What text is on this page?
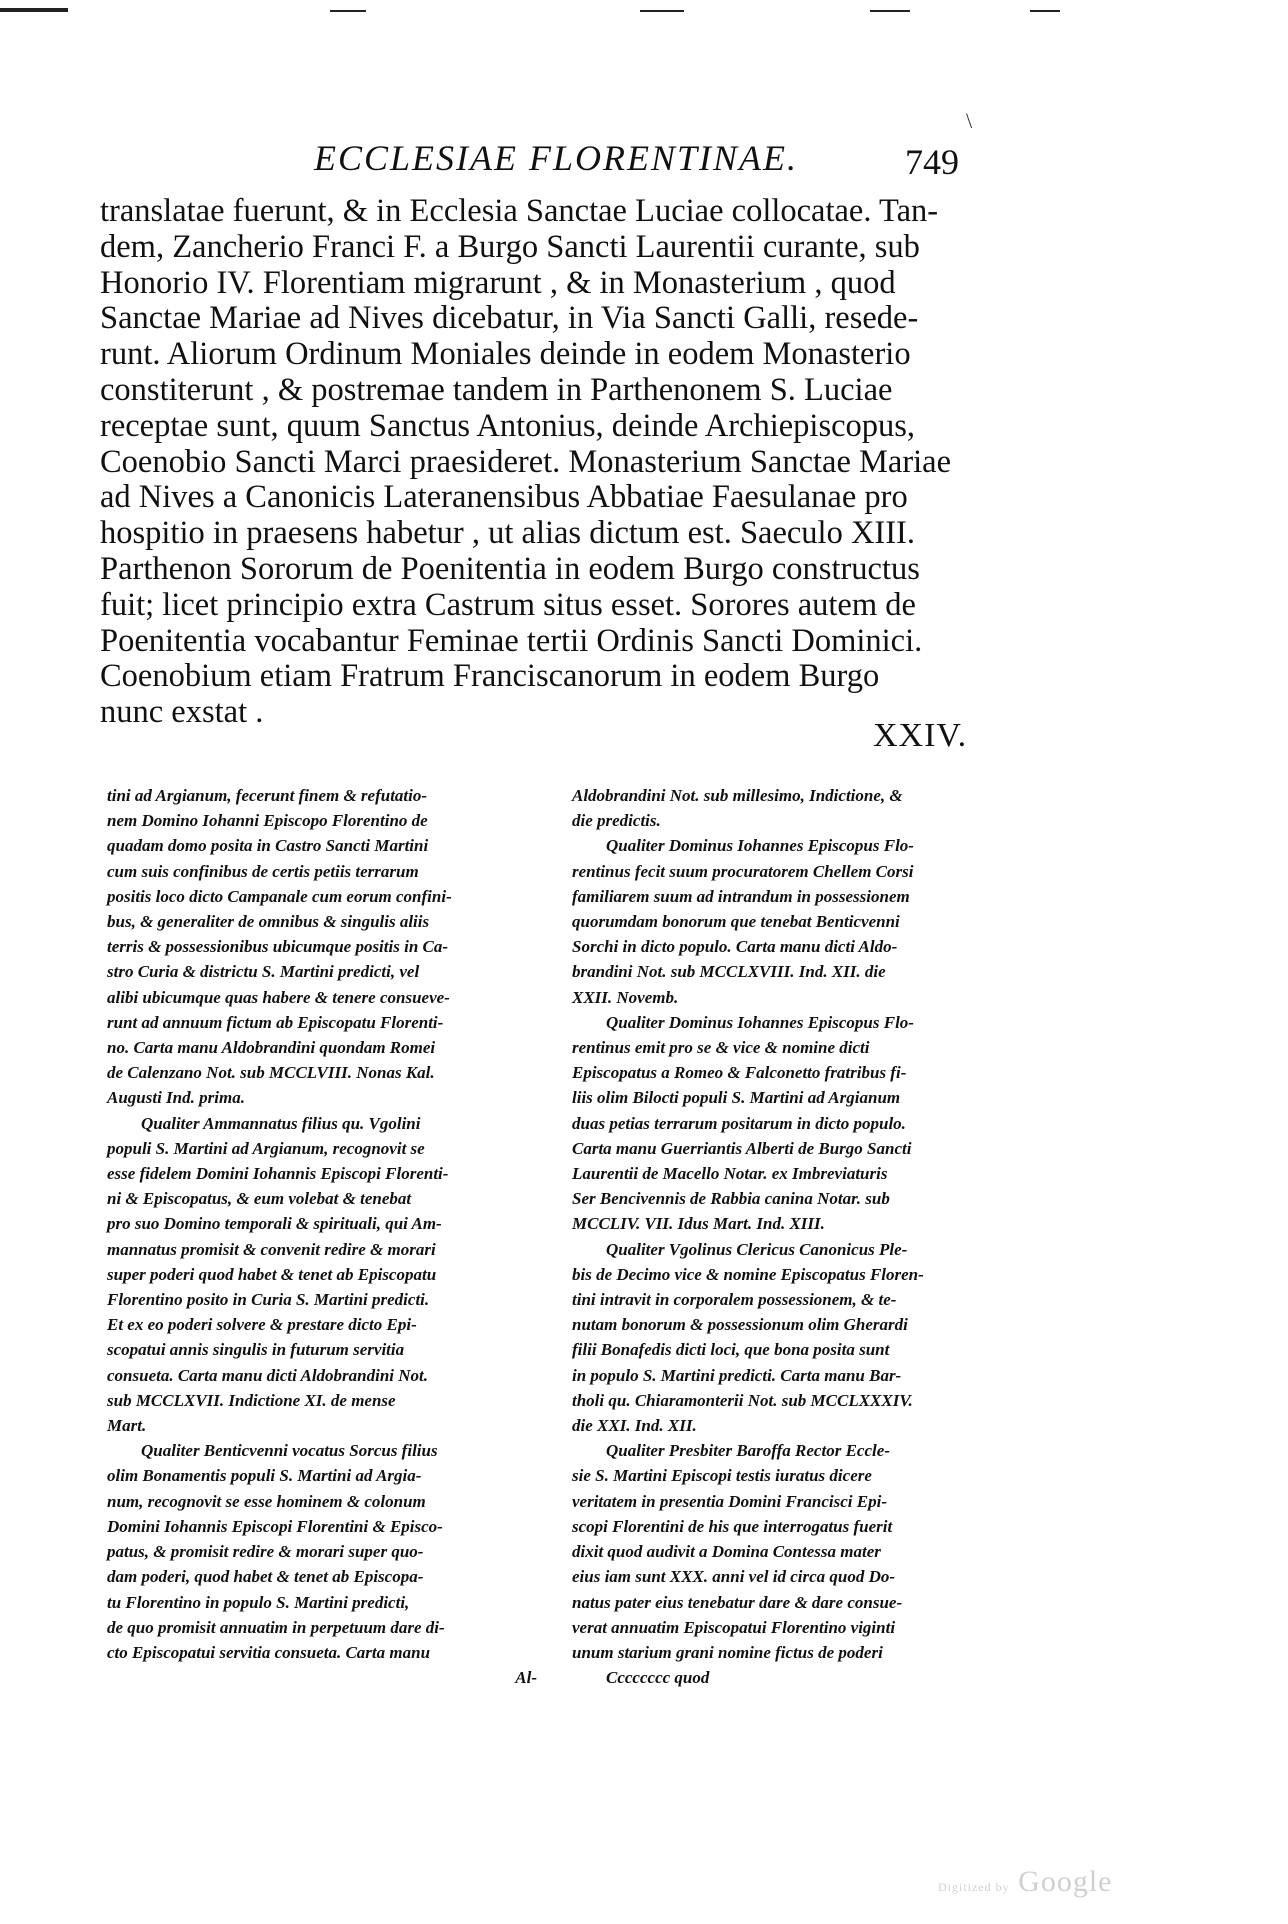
\
ECCLESIAE FLORENTINAE.	749
translatae fuerunt, & in Ecclesia Sanctae Luciae collocatae. Tan-
dem, Zancherio Franci F. a Burgo Sancti Laurentii curante, sub
Honorio IV. Florentiam migrarunt , & in Monasterium , quod
Sanctae Mariae ad Nives dicebatur, in Via Sancti Galli, resede-
runt. Aliorum Ordinum Moniales deinde in eodem Monasterio
constiterunt , & postremae tandem in Parthenonem S. Luciae
receptae sunt, quum Sanctus Antonius, deinde Archiepiscopus,
Coenobio Sancti Marci praesideret. Monasterium Sanctae Mariae
ad Nives a Canonicis Lateranensibus Abbatiae Faesulanae pro
hospitio in praesens habetur , ut alias dictum est. Saeculo XIII.
Parthenon Sororum de Poenitentia in eodem Burgo constructus
fuit; licet principio extra Castrum situs esset. Sorores autem de
Poenitentia vocabantur Feminae tertii Ordinis Sancti Dominici.
Coenobium etiam Fratrum Franciscanorum in eodem Burgo
nunc exstat .
XXIV.
tini ad Argianum, fecerunt finem & refutatio-
nem Domino Iohanni Episcopo Florentino de
quadam domo posita in Castro Sancti Martini
cum suis confinibus de certis petiis terrarum
positis loco dicto Campanale cum eorum confini-
bus, & generaliter de omnibus & singulis aliis
terris & possessionibus ubicumque positis in Ca-
stro Curia & districtu S. Martini predicti, vel
alibi ubicumque quas habere & tenere consueve-
runt ad annuum fictum ab Episcopatu Florenti-
no. Carta manu Aldobrandini quondam Romei
de Calenzano Not. sub MCCLVIII. Nonas Kal.
Augusti Ind. prima.
Qualiter Ammannatus filius qu. Vgolini
populi S. Martini ad Argianum, recognovit se
esse fidelem Domini Iohannis Episcopi Florenti-
ni & Episcopatus, & eum volebat & tenebat
pro suo Domino temporali & spirituali, qui Am-
mannatus promisit & convenit redire & morari
super poderi quod habet & tenet ab Episcopatu
Florentino posito in Curia S. Martini predicti.
Et ex eo poderi solvere & prestare dicto Epi-
scopatui annis singulis in futurum servitia
consueta. Carta manu dicti Aldobrandini Not.
sub MCCLXVII. Indictione XI. de mense
Mart.
Qualiter Benticvenni vocatus Sorcus filius
olim Bonamentis populi S. Martini ad Argia-
num, recognovit se esse hominem & colonum
Domini Iohannis Episcopi Florentini & Episco-
patus, & promisit redire & morari super quo-
dam poderi, quod habet & tenet ab Episcopa-
tu Florentino in populo S. Martini predicti,
de quo promisit annuatim in perpetuum dare di-
cto Episcopatui servitia consueta. Carta manu
Al-
Aldobrandini Not. sub millesimo, Indictione, &
die predictis.
Qualiter Dominus Iohannes Episcopus Flo-
rentinus fecit suum procuratorem Chellem Corsi
familiarem suum ad intrandum in possessionem
quorumdam bonorum que tenebat Benticvenni
Sorchi in dicto populo. Carta manu dicti Aldo-
brandini Not. sub MCCLXVIII. Ind. XII. die
XXII. Novemb.
Qualiter Dominus Iohannes Episcopus Flo-
rentinus emit pro se & vice & nomine dicti
Episcopatus a Romeo & Falconetto fratribus fi-
liis olim Bilocti populi S. Martini ad Argianum
duas petias terrarum positarum in dicto populo.
Carta manu Guerriantis Alberti de Burgo Sancti
Laurentii de Macello Notar. ex Imbreviaturis
Ser Bencivennis de Rabbia canina Notar. sub
MCCLIV. VII. Idus Mart. Ind. XIII.
Qualiter Vgolinus Clericus Canonicus Ple-
bis de Decimo vice & nomine Episcopatus Floren-
tini intravit in corporalem possessionem, & te-
nutam bonorum & possessionum olim Gherardi
filii Bonafedis dicti loci, que bona posita sunt
in populo S. Martini predicti. Carta manu Bar-
tholi qu. Chiaramonterii Not. sub MCCLXXXIV.
die XXI. Ind. XII.
Qualiter Presbiter Baroffa Rector Eccle-
sie S. Martini Episcopi testis iuratus dicere
veritatem in presentia Domini Francisci Epi-
scopi Florentini de his que interrogatus fuerit
dixit quod audivit a Domina Contessa mater
eius iam sunt XXX. anni vel id circa quod Do-
natus pater eius tenebatur dare & dare consue-
verat annuatim Episcopatui Florentino viginti
unum starium grani nomine fictus de poderi
Cccccccc quod
Digitized by Google
